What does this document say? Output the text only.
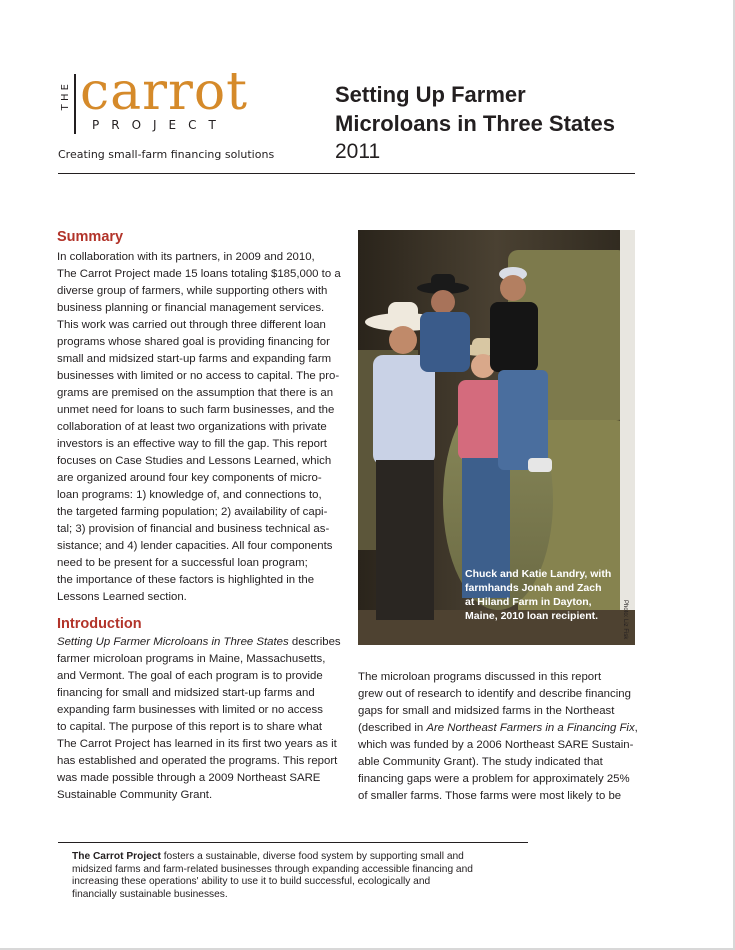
T H E carrot
PROJECT
Creating small-farm financing solutions
Setting Up Farmer
Microloans in Three States
2011
Summary
In collaboration with its partners, in 2009 and 2010,
The Carrot Project made 15 loans totaling $185,000 to a
diverse group of farmers, while supporting others with
business planning or financial management services.
This work was carried out through three different loan
programs whose shared goal is providing financing for
small and midsized start-up farms and expanding farm
businesses with limited or no access to capital. The pro-
grams are premised on the assumption that there is an
unmet need for loans to such farm businesses, and the
collaboration of at least two organizations with private
investors is an effective way to fill the gap. This report
focuses on Case Studies and Lessons Learned, which
are organized around four key components of micro-
loan programs: 1) knowledge of, and connections to,
the targeted farming population; 2) availability of capi-
tal; 3) provision of financial and business technical as-
sistance; and 4) lender capacities. All four components
need to be present for a successful loan program;
the importance of these factors is highlighted in the
Lessons Learned section.
Introduction
Setting Up Farmer Microloans in Three States describes
farmer microloan programs in Maine, Massachusetts,
and Vermont. The goal of each program is to provide
financing for small and midsized start-up farms and
expanding farm businesses with limited or no access
to capital. The purpose of this report is to share what
The Carrot Project has learned in its first two years as it
has established and operated the programs. This report
was made possible through a 2009 Northeast SARE
Sustainable Community Grant.
Chuck and Katie Landry, with
farmhands Jonah and Zach
at Hiland Farm in Dayton,
Maine, 2010 loan recipient.	Photo: Liz Fisk
The microloan programs discussed in this report
grew out of research to identify and describe financing
gaps for small and midsized farms in the Northeast
(described in Are Northeast Farmers in a Financing Fix,
which was funded by a 2006 Northeast SARE Sustain-
able Community Grant). The study indicated that
financing gaps were a problem for approximately 25%
of smaller farms. Those farms were most likely to be
The Carrot Project fosters a sustainable, diverse food system by supporting small and
midsized farms and farm-related businesses through expanding accessible financing and
increasing these operations' ability to use it to build successful, ecologically and
financially sustainable businesses.
